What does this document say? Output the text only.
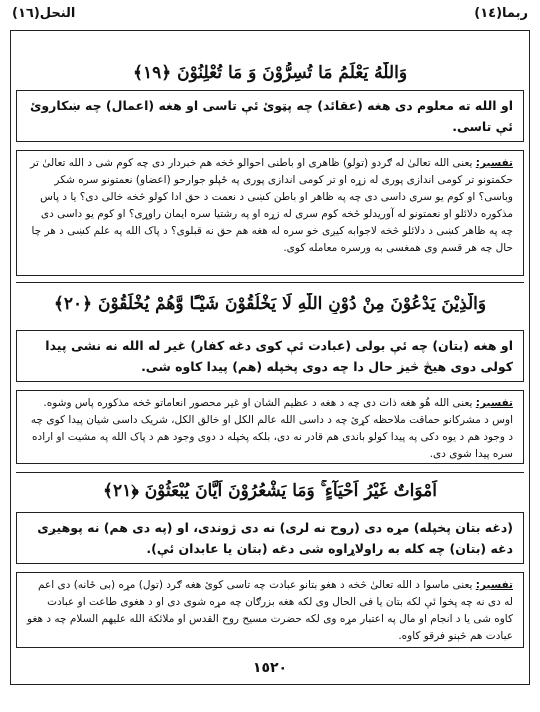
النحل(١٦)	ربما(١٤)
وَاللّٰهُ يَعْلَمُ مَا تُسِرُّوْنَ وَ مَا تُعْلِنُوْنَ ﴿١٩﴾
او الله ته معلوم دی هغه (عقائد) چه پټوئ ئې تاسی او هغه (اعمال) چه ښکاروئ ئې تاسی.
تفسیر: یعنی الله تعالیٰ له ګردو (تولو) ظاهری او باطنی احوالو څخه هم خبردار دی چه کوم شی د الله تعالیٰ تر حکمتونو تر کومی اندازی پوری له زړه او تر کومی اندازی پوری په ځپلو جوارحو (اعضاو) نعمتونو سره شکر وباسی؟ او کوم یو سری داسی دی چه په ظاهر او باطن کښی د نعمت د حق ادا کولو څخه خالی دی؟ یا د پاس مذکوره دلائلو او نعمتونو له آوریدلو څخه کوم سری له زړه او په رشتیا سره ایمان راوړی؟ او کوم یو داسی دی چه په ظاهر کښی د دلائلو څخه لاجوابه کیږی خو سره له هغه هم حق نه قبلوی؟ د پاک الله په علم کښی د هر چا حال چه هر قسم وی همغسی به ورسره معامله کوی.
وَالَّذِيْنَ يَدْعُوْنَ مِنْ دُوْنِ اللّٰهِ لَا يَخْلُقُوْنَ شَيْـًٔا وَّهُمْ يُخْلَقُوْنَ ﴿٢٠﴾
او هغه (بتان) چه ئې بولی (عبادت ئې کوی دغه کفار) غیر له الله نه نشی پیدا کولی دوی هیڅ څیز حال دا چه دوی پخپله (هم) پیدا کاوه شی.
تفسیر: یعنی الله هُو هغه ذات دی چه د هغه د عظیم الشان او غیر محصور انعاماتو څخه مذکوره پاس وشوه. اوس د مشرکانو حماقت ملاحظه کړئ چه د داسی الله عالم الکل او خالق الکل، شریک داسی شیان پیدا کوی چه د وجود هم د یوه دکی په پیدا کولو باندی هم قادر نه دی، بلکه پخپله د دوی وجود هم د پاک الله په مشیت او اراده سره پیدا شوی دی.
اَمْوَاتٌ غَيْرُ اَحْيَآءٍ ۚ وَمَا يَشْعُرُوْنَ اَيَّانَ يُبْعَثُوْنَ ﴿٢١﴾
(دغه بتان پخپله) مړه دی (روح نه لری) نه دی ژوندی، او (په دی هم) نه پوهیږی دغه (بتان) چه کله به راولاړاوه شی دغه (بتان یا عابدان ئې).
تفسیر: یعنی ماسوا د الله تعالیٰ څخه د هغو بتانو عبادت چه تاسی کوئ هغه ګرد (تول) مړه (بی ځانه) دی اعم له دی نه چه پخوا ئې لکه بتان یا فی الحال وی لکه هغه بزرګان چه مړه شوی دی او د هغوی طاعت او عبادت کاوه شی یا د انجام او مال په اعتبار مړه وی لکه حضرت مسیح روح القدس او ملائکة الله علیهم السلام چه د هغو عبادت هم څېنو فرقو کاوه.
١٥٢٠
